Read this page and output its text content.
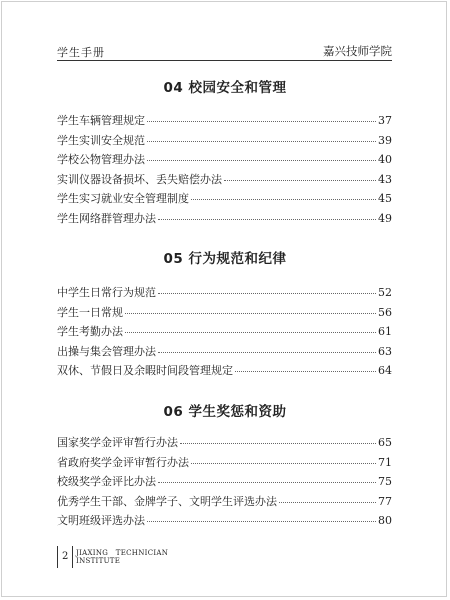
学生手册	嘉兴技师学院
04 校园安全和管理
学生车辆管理规定	37
学生实训安全规范	39
学校公物管理办法	40
实训仪器设备损坏、丢失赔偿办法	43
学生实习就业安全管理制度	45
学生网络群管理办法	49
05 行为规范和纪律
中学生日常行为规范	52
学生一日常规	56
学生考勤办法	61
出操与集会管理办法	63
双休、节假日及余暇时间段管理规定	64
06 学生奖惩和资助
国家奖学金评审暂行办法	65
省政府奖学金评审暂行办法	71
校级奖学金评比办法	75
优秀学生干部、金牌学子、文明学生评选办法	77
文明班级评选办法	80
2 JIAXING   TECHNICIAN
INSTITUTE
